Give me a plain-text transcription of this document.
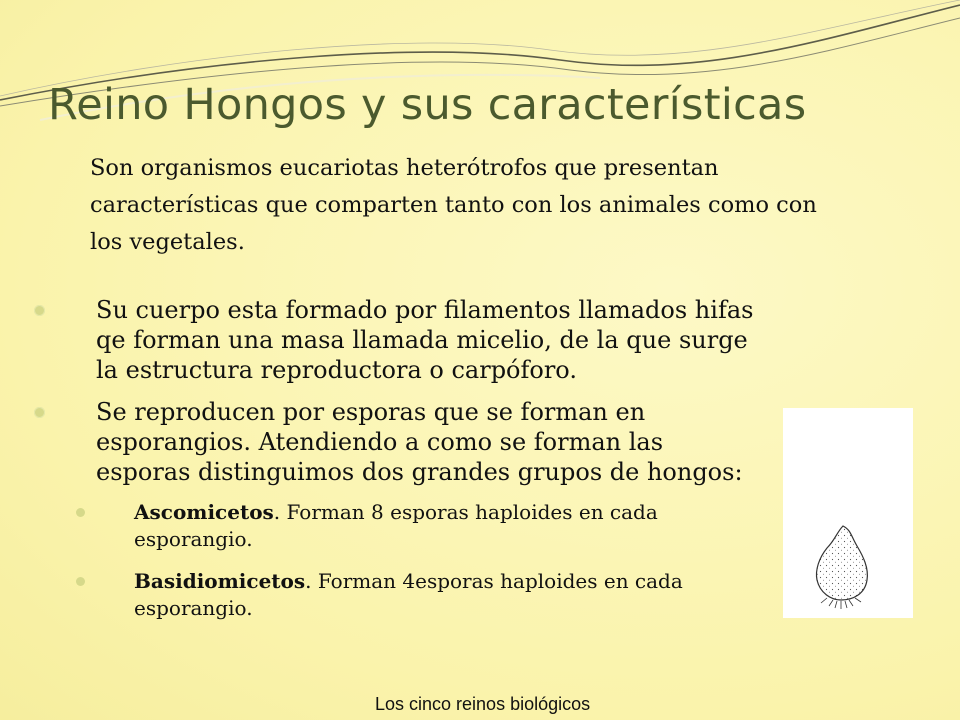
Reino Hongos y sus características

Son organismos eucariotas heterótrofos que presentan características que comparten tanto con los animales como con los vegetales.

Su cuerpo esta formado por filamentos llamados hifas qe forman una masa llamada micelio, de la que surge la estructura reproductora o carpóforo.
Se reproducen por esporas que se forman en esporangios. Atendiendo a como se forman las esporas distinguimos dos grandes grupos de hongos:
Ascomicetos. Forman 8 esporas haploides en cada esporangio.
Basidiomicetos. Forman 4esporas haploides en cada esporangio.

Los cinco reinos biológicos
